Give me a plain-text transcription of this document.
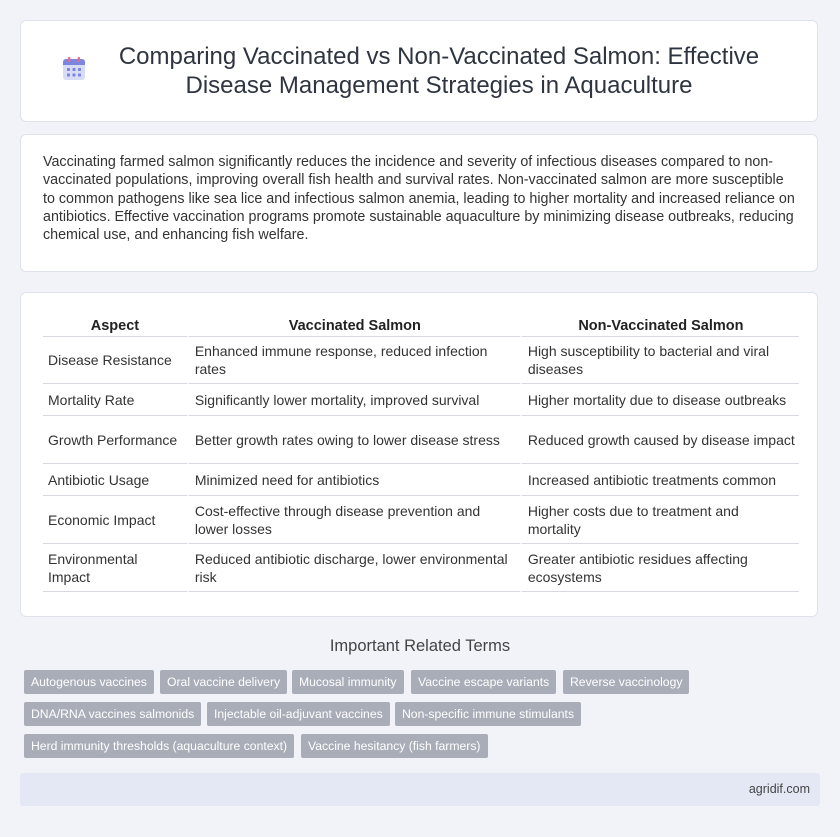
Comparing Vaccinated vs Non-Vaccinated Salmon: Effective Disease Management Strategies in Aquaculture

Vaccinating farmed salmon significantly reduces the incidence and severity of infectious diseases compared to non-vaccinated populations, improving overall fish health and survival rates. Non-vaccinated salmon are more susceptible to common pathogens like sea lice and infectious salmon anemia, leading to higher mortality and increased reliance on antibiotics. Effective vaccination programs promote sustainable aquaculture by minimizing disease outbreaks, reducing chemical use, and enhancing fish welfare.

Aspect	Vaccinated Salmon	Non-Vaccinated Salmon
Disease Resistance	Enhanced immune response, reduced infection rates	High susceptibility to bacterial and viral diseases
Mortality Rate	Significantly lower mortality, improved survival	Higher mortality due to disease outbreaks
Growth Performance	Better growth rates owing to lower disease stress	Reduced growth caused by disease impact
Antibiotic Usage	Minimized need for antibiotics	Increased antibiotic treatments common
Economic Impact	Cost-effective through disease prevention and lower losses	Higher costs due to treatment and mortality
Environmental Impact	Reduced antibiotic discharge, lower environmental risk	Greater antibiotic residues affecting ecosystems
Important Related Terms
Autogenous vaccines	Oral vaccine delivery	Mucosal immunity	Vaccine escape variants	Reverse vaccinology
DNA/RNA vaccines salmonids	Injectable oil-adjuvant vaccines	Non-specific immune stimulants
Herd immunity thresholds (aquaculture context)	Vaccine hesitancy (fish farmers)
agridif.com
